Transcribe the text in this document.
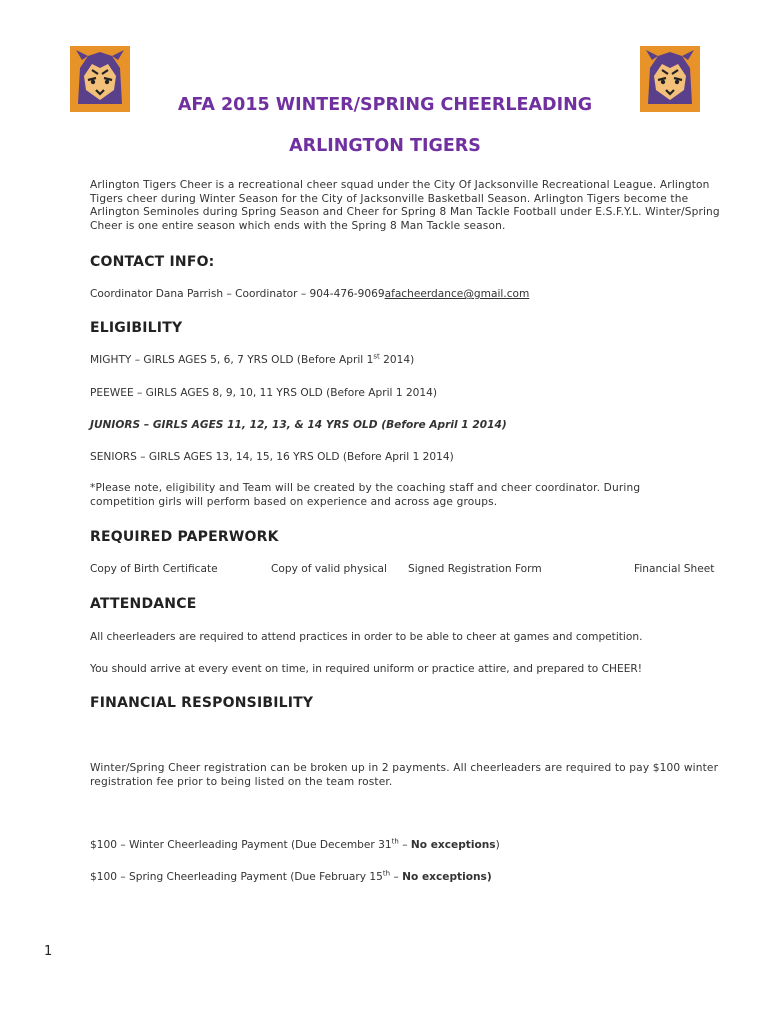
AFA 2015 WINTER/SPRING CHEERLEADING
ARLINGTON TIGERS
Arlington Tigers Cheer is a recreational cheer squad under the City Of Jacksonville Recreational League. Arlington Tigers cheer during Winter Season for the City of Jacksonville Basketball Season. Arlington Tigers become the Arlington Seminoles during Spring Season and Cheer for Spring 8 Man Tackle Football under E.S.F.Y.L. Winter/Spring Cheer is one entire season which ends with the Spring 8 Man Tackle season.
CONTACT INFO:
Coordinator Dana Parrish – Coordinator – 904-476-9069afacheerdance@gmail.com
ELIGIBILITY
MIGHTY – GIRLS AGES 5, 6, 7 YRS OLD (Before April 1st 2014)
PEEWEE – GIRLS AGES 8, 9, 10, 11 YRS OLD (Before April 1 2014)
JUNIORS – GIRLS AGES 11, 12, 13, & 14 YRS OLD (Before April 1 2014)
SENIORS – GIRLS AGES 13, 14, 15, 16 YRS OLD (Before April 1 2014)
*Please note, eligibility and Team will be created by the coaching staff and cheer coordinator. During competition girls will perform based on experience and across age groups.
REQUIRED PAPERWORK
Copy of Birth Certificate	Copy of valid physical Signed Registration Form	Financial Sheet
ATTENDANCE
All cheerleaders are required to attend practices in order to be able to cheer at games and competition.
You should arrive at every event on time, in required uniform or practice attire, and prepared to CHEER!
FINANCIAL RESPONSIBILITY
Winter/Spring Cheer registration can be broken up in 2 payments. All cheerleaders are required to pay $100 winter registration fee prior to being listed on the team roster.
$100 – Winter Cheerleading Payment (Due December 31th – No exceptions)
$100 – Spring Cheerleading Payment (Due February 15th – No exceptions)
1
